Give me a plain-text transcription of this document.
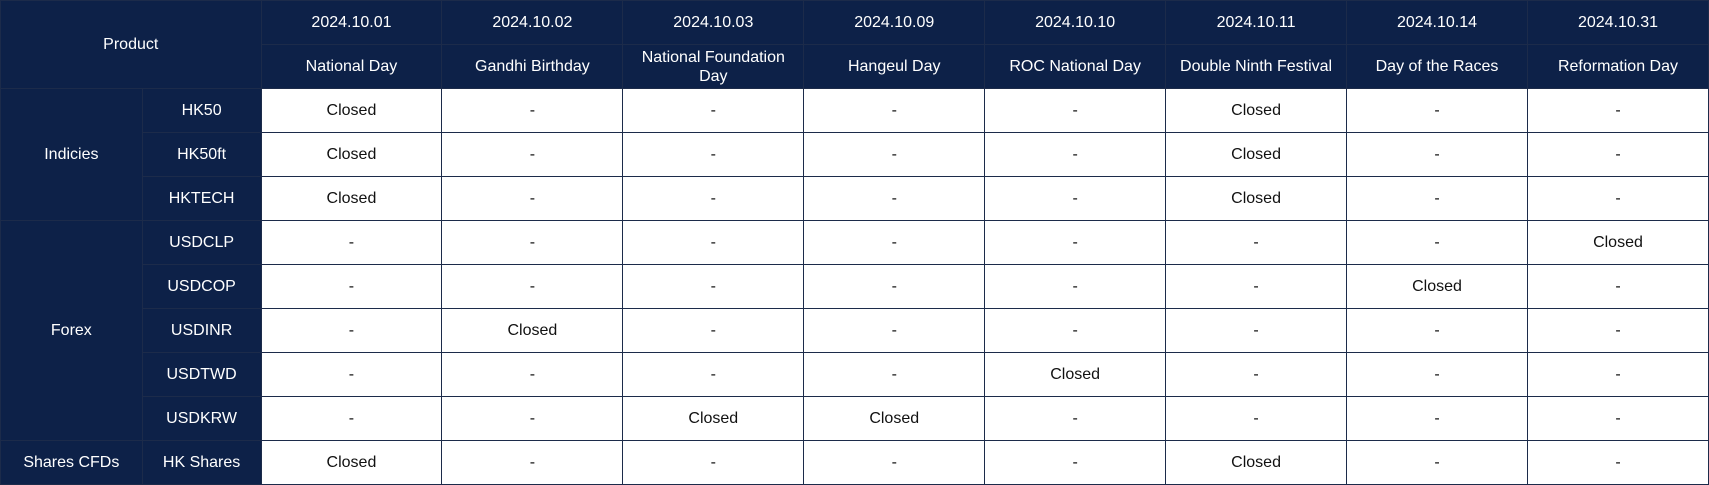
Product		2024.10.01	2024.10.02	2024.10.03	2024.10.09	2024.10.10	2024.10.11	2024.10.14	2024.10.31
		National Day	Gandhi Birthday	National Foundation Day	Hangeul Day	ROC National Day	Double Ninth Festival	Day of the Races	Reformation Day
Indicies	HK50	Closed	-	-	-	-	Closed	-	-
	HK50ft	Closed	-	-	-	-	Closed	-	-
	HKTECH	Closed	-	-	-	-	Closed	-	-
Forex	USDCLP	-	-	-	-	-	-	-	Closed
	USDCOP	-	-	-	-	-	-	Closed	-
	USDINR	-	Closed	-	-	-	-	-	-
	USDTWD	-	-	-	-	Closed	-	-	-
	USDKRW	-	-	Closed	Closed	-	-	-	-
Shares CFDs	HK Shares	Closed	-	-	-	-	Closed	-	-
